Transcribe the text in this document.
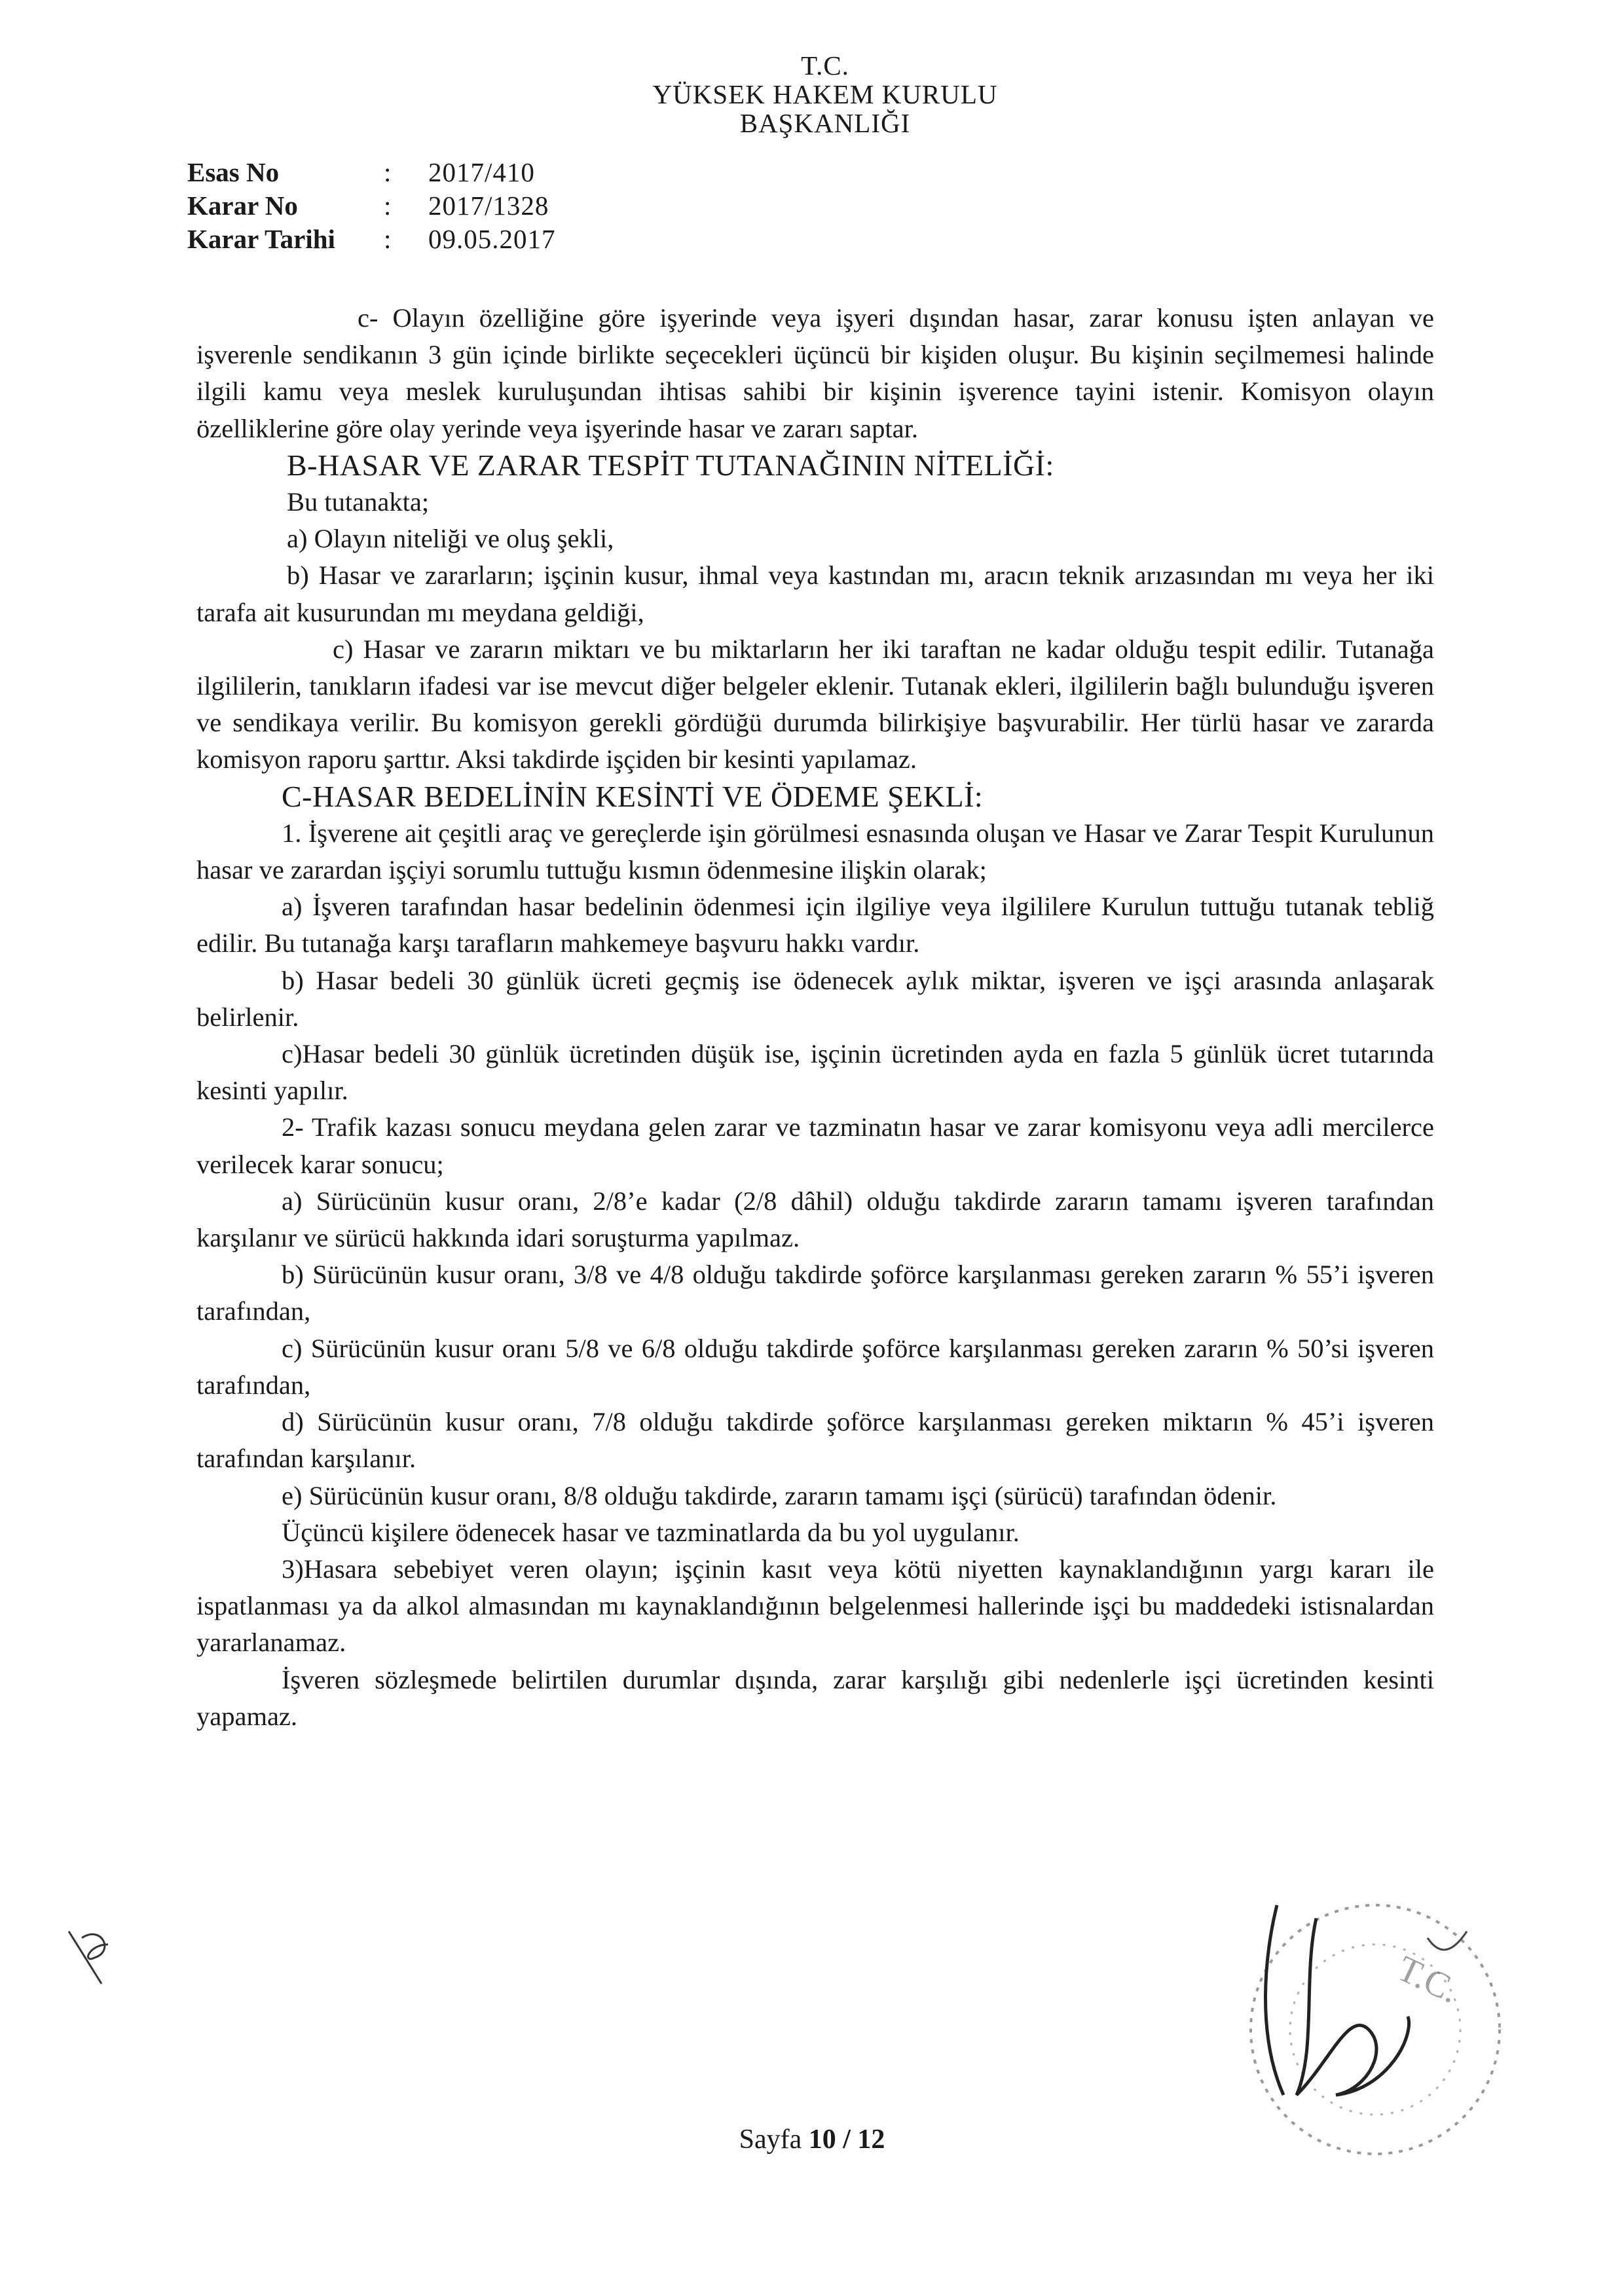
T.C.
YÜKSEK HAKEM KURULU
BAŞKANLIĞI
Esas No	:	2017/410
Karar No	:	2017/1328
Karar Tarihi	:	09.05.2017

c- Olayın özelliğine göre işyerinde veya işyeri dışından hasar, zarar konusu işten anlayan ve işverenle sendikanın 3 gün içinde birlikte seçecekleri üçüncü bir kişiden oluşur. Bu kişinin seçilmemesi halinde ilgili kamu veya meslek kuruluşundan ihtisas sahibi bir kişinin işverence tayini istenir. Komisyon olayın özelliklerine göre olay yerinde veya işyerinde hasar ve zararı saptar.

B-HASAR VE ZARAR TESPİT TUTANAĞININ NİTELİĞİ:

Bu tutanakta;

a) Olayın niteliği ve oluş şekli,

b) Hasar ve zararların; işçinin kusur, ihmal veya kastından mı, aracın teknik arızasından mı veya her iki tarafa ait kusurundan mı meydana geldiği,

c) Hasar ve zararın miktarı ve bu miktarların her iki taraftan ne kadar olduğu tespit edilir. Tutanağa ilgililerin, tanıkların ifadesi var ise mevcut diğer belgeler eklenir. Tutanak ekleri, ilgililerin bağlı bulunduğu işveren ve sendikaya verilir. Bu komisyon gerekli gördüğü durumda bilirkişiye başvurabilir. Her türlü hasar ve zararda komisyon raporu şarttır. Aksi takdirde işçiden bir kesinti yapılamaz.

C-HASAR BEDELİNİN KESİNTİ VE ÖDEME ŞEKLİ:

1. İşverene ait çeşitli araç ve gereçlerde işin görülmesi esnasında oluşan ve Hasar ve Zarar Tespit Kurulunun hasar ve zarardan işçiyi sorumlu tuttuğu kısmın ödenmesine ilişkin olarak;

a) İşveren tarafından hasar bedelinin ödenmesi için ilgiliye veya ilgililere Kurulun tuttuğu tutanak tebliğ edilir. Bu tutanağa karşı tarafların mahkemeye başvuru hakkı vardır.

b) Hasar bedeli 30 günlük ücreti geçmiş ise ödenecek aylık miktar, işveren ve işçi arasında anlaşarak belirlenir.

c)Hasar bedeli 30 günlük ücretinden düşük ise, işçinin ücretinden ayda en fazla 5 günlük ücret tutarında kesinti yapılır.

2- Trafik kazası sonucu meydana gelen zarar ve tazminatın hasar ve zarar komisyonu veya adli mercilerce verilecek karar sonucu;

a) Sürücünün kusur oranı, 2/8’e kadar (2/8 dâhil) olduğu takdirde zararın tamamı işveren tarafından karşılanır ve sürücü hakkında idari soruşturma yapılmaz.

b) Sürücünün kusur oranı, 3/8 ve 4/8 olduğu takdirde şoförce karşılanması gereken zararın % 55’i işveren tarafından,

c) Sürücünün kusur oranı 5/8 ve 6/8 olduğu takdirde şoförce karşılanması gereken zararın % 50’si işveren tarafından,

d) Sürücünün kusur oranı, 7/8 olduğu takdirde şoförce karşılanması gereken miktarın % 45’i işveren tarafından karşılanır.

e) Sürücünün kusur oranı, 8/8 olduğu takdirde, zararın tamamı işçi (sürücü) tarafından ödenir.

Üçüncü kişilere ödenecek hasar ve tazminatlarda da bu yol uygulanır.

3)Hasara sebebiyet veren olayın; işçinin kasıt veya kötü niyetten kaynaklandığının yargı kararı ile ispatlanması ya da alkol almasından mı kaynaklandığının belgelenmesi hallerinde işçi bu maddedeki istisnalardan yararlanamaz.

İşveren sözleşmede belirtilen durumlar dışında, zarar karşılığı gibi nedenlerle işçi ücretinden kesinti yapamaz.

T.C.
Sayfa 10 / 12
